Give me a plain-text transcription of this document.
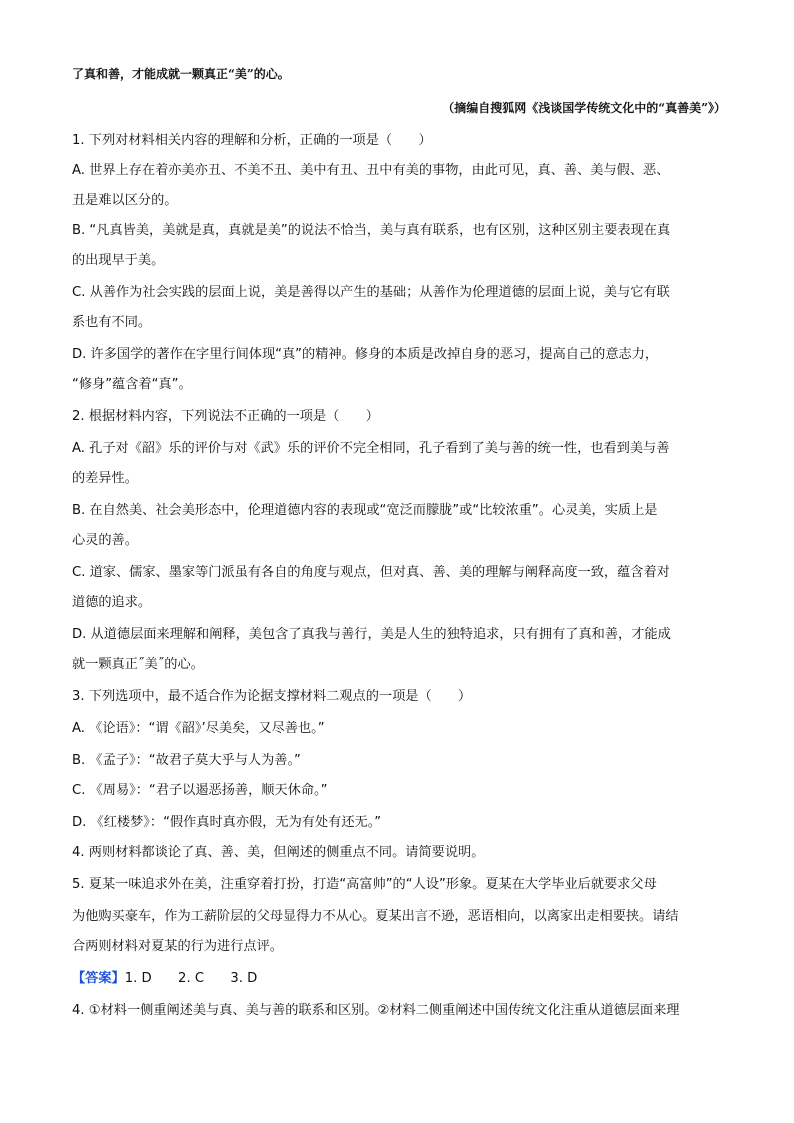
了真和善，才能成就一颗真正“美”的心。
（摘编自搜狐网《浅谈国学传统文化中的“真善美”》）
1. 下列对材料相关内容的理解和分析，正确的一项是（　　）
A. 世界上存在着亦美亦丑、不美不丑、美中有丑、丑中有美的事物，由此可见，真、善、美与假、恶、
丑是难以区分的。
B. “凡真皆美，美就是真，真就是美”的说法不恰当，美与真有联系，也有区别，这种区别主要表现在真
的出现早于美。
C. 从善作为社会实践的层面上说，美是善得以产生的基础；从善作为伦理道德的层面上说，美与它有联
系也有不同。
D. 许多国学的著作在字里行间体现“真”的精神。修身的本质是改掉自身的恶习，提高自己的意志力，
“修身”蕴含着“真”。
2. 根据材料内容，下列说法不正确的一项是（　　）
A. 孔子对《韶》乐的评价与对《武》乐的评价不完全相同，孔子看到了美与善的统一性，也看到美与善
的差异性。
B. 在自然美、社会美形态中，伦理道德内容的表现或“宽泛而朦胧”或“比较浓重”。心灵美，实质上是
心灵的善。
C. 道家、儒家、墨家等门派虽有各自的角度与观点，但对真、善、美的理解与阐释高度一致，蕴含着对
道德的追求。
D. 从道德层面来理解和阐释，美包含了真我与善行，美是人生的独特追求，只有拥有了真和善，才能成
就一颗真正˝美˝的心。
3. 下列选项中，最不适合作为论据支撑材料二观点的一项是（　　）
A. 《论语》：“谓《韶》’尽美矣，又尽善也。”
B. 《孟子》：“故君子莫大乎与人为善。”
C. 《周易》：“君子以遏恶扬善，顺天休命。”
D. 《红楼梦》：“假作真时真亦假，无为有处有还无。”
4. 两则材料都谈论了真、善、美，但阐述的侧重点不同。请简要说明。
5. 夏某一味追求外在美，注重穿着打扮，打造“高富帅”的“人设”形象。夏某在大学毕业后就要求父母
为他购买豪车，作为工薪阶层的父母显得力不从心。夏某出言不逊，恶语相向，以离家出走相要挟。请结
合两则材料对夏某的行为进行点评。
【答案】1. D　　2. C　　3. D
4. ①材料一侧重阐述美与真、美与善的联系和区别。②材料二侧重阐述中国传统文化注重从道德层面来理
